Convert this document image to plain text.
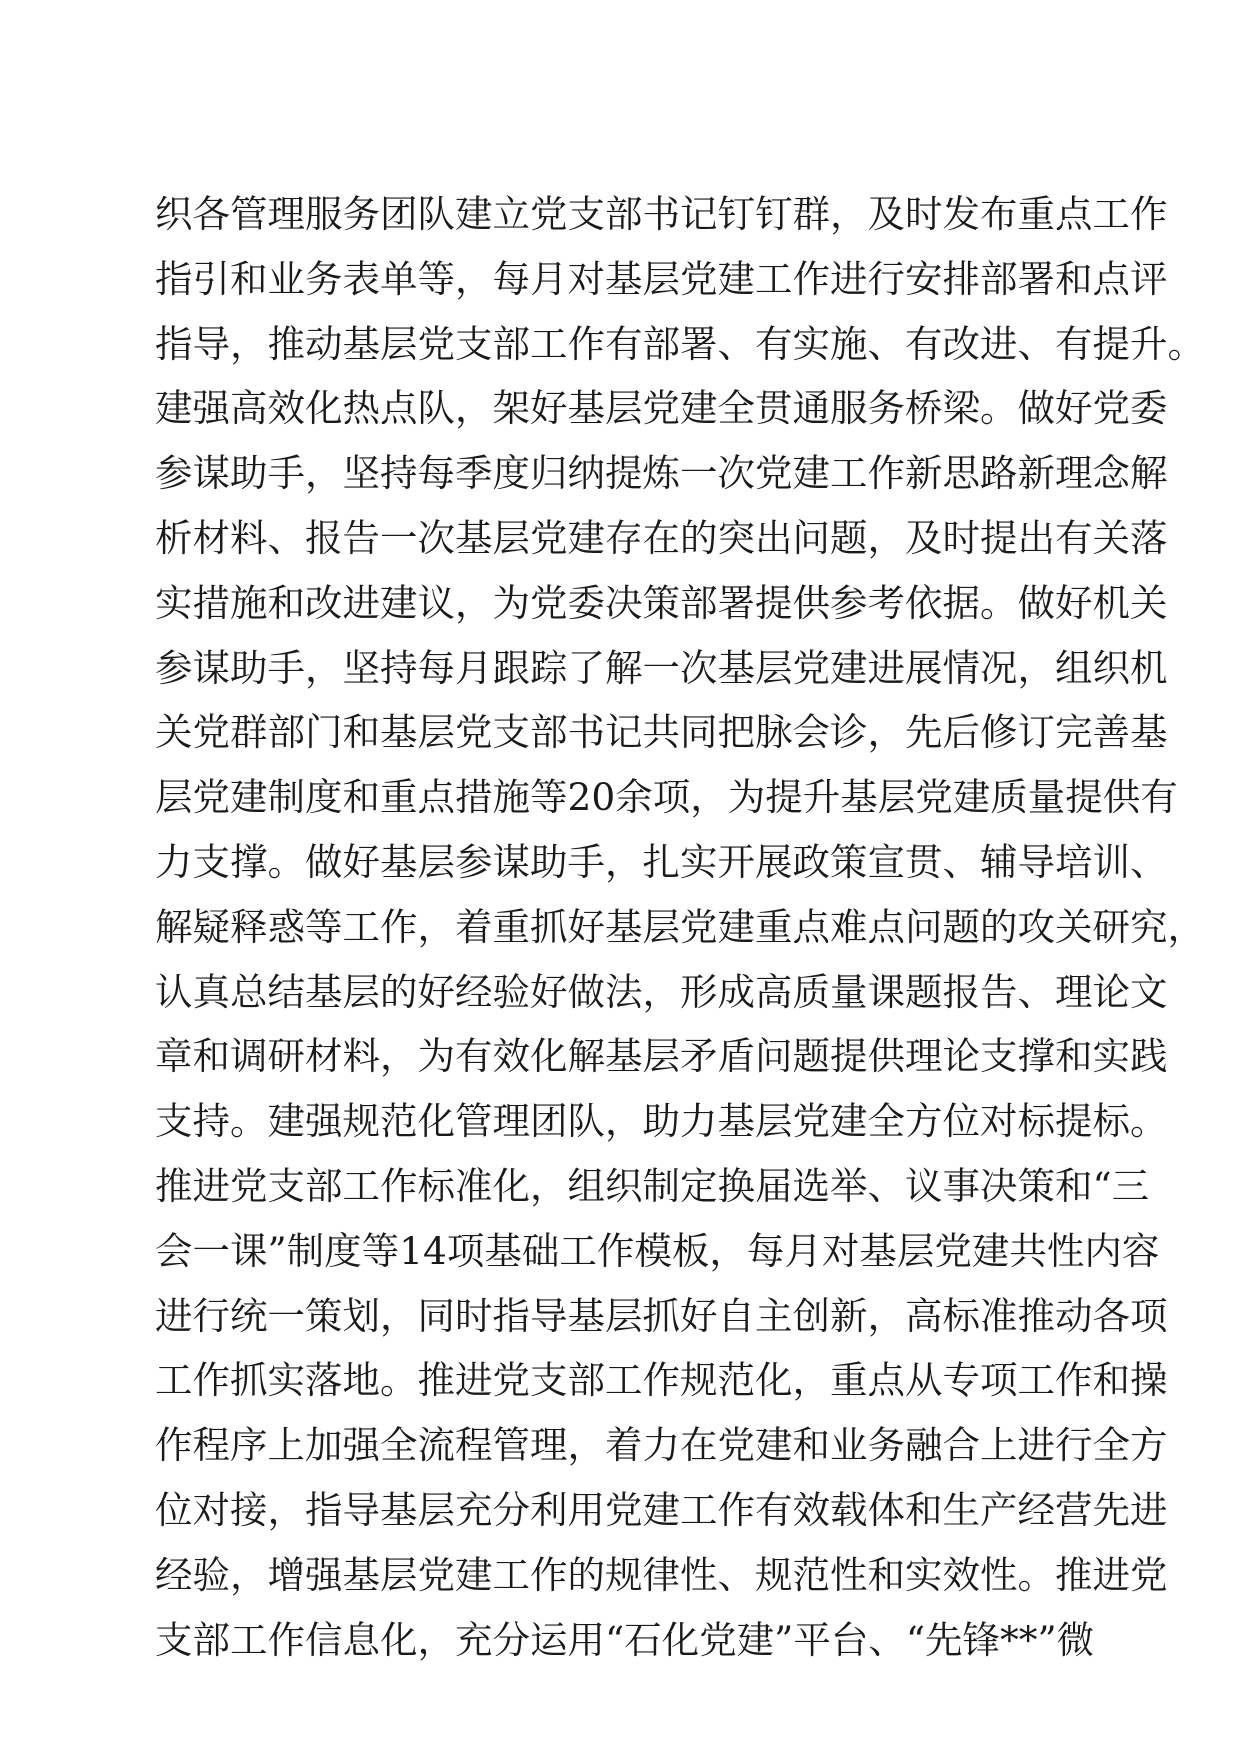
织各管理服务团队建立党支部书记钉钉群，及时发布重点工作
指引和业务表单等，每月对基层党建工作进行安排部署和点评
指导，推动基层党支部工作有部署、有实施、有改进、有提升。
建强高效化热点队，架好基层党建全贯通服务桥梁。做好党委
参谋助手，坚持每季度归纳提炼一次党建工作新思路新理念解
析材料、报告一次基层党建存在的突出问题，及时提出有关落
实措施和改进建议，为党委决策部署提供参考依据。做好机关
参谋助手，坚持每月跟踪了解一次基层党建进展情况，组织机
关党群部门和基层党支部书记共同把脉会诊，先后修订完善基
层党建制度和重点措施等20余项，为提升基层党建质量提供有
力支撑。做好基层参谋助手，扎实开展政策宣贯、辅导培训、
解疑释惑等工作，着重抓好基层党建重点难点问题的攻关研究，
认真总结基层的好经验好做法，形成高质量课题报告、理论文
章和调研材料，为有效化解基层矛盾问题提供理论支撑和实践
支持。建强规范化管理团队，助力基层党建全方位对标提标。
推进党支部工作标准化，组织制定换届选举、议事决策和“三
会一课”制度等14项基础工作模板，每月对基层党建共性内容
进行统一策划，同时指导基层抓好自主创新，高标准推动各项
工作抓实落地。推进党支部工作规范化，重点从专项工作和操
作程序上加强全流程管理，着力在党建和业务融合上进行全方
位对接，指导基层充分利用党建工作有效载体和生产经营先进
经验，增强基层党建工作的规律性、规范性和实效性。推进党
支部工作信息化，充分运用“石化党建”平台、“先锋**”微
